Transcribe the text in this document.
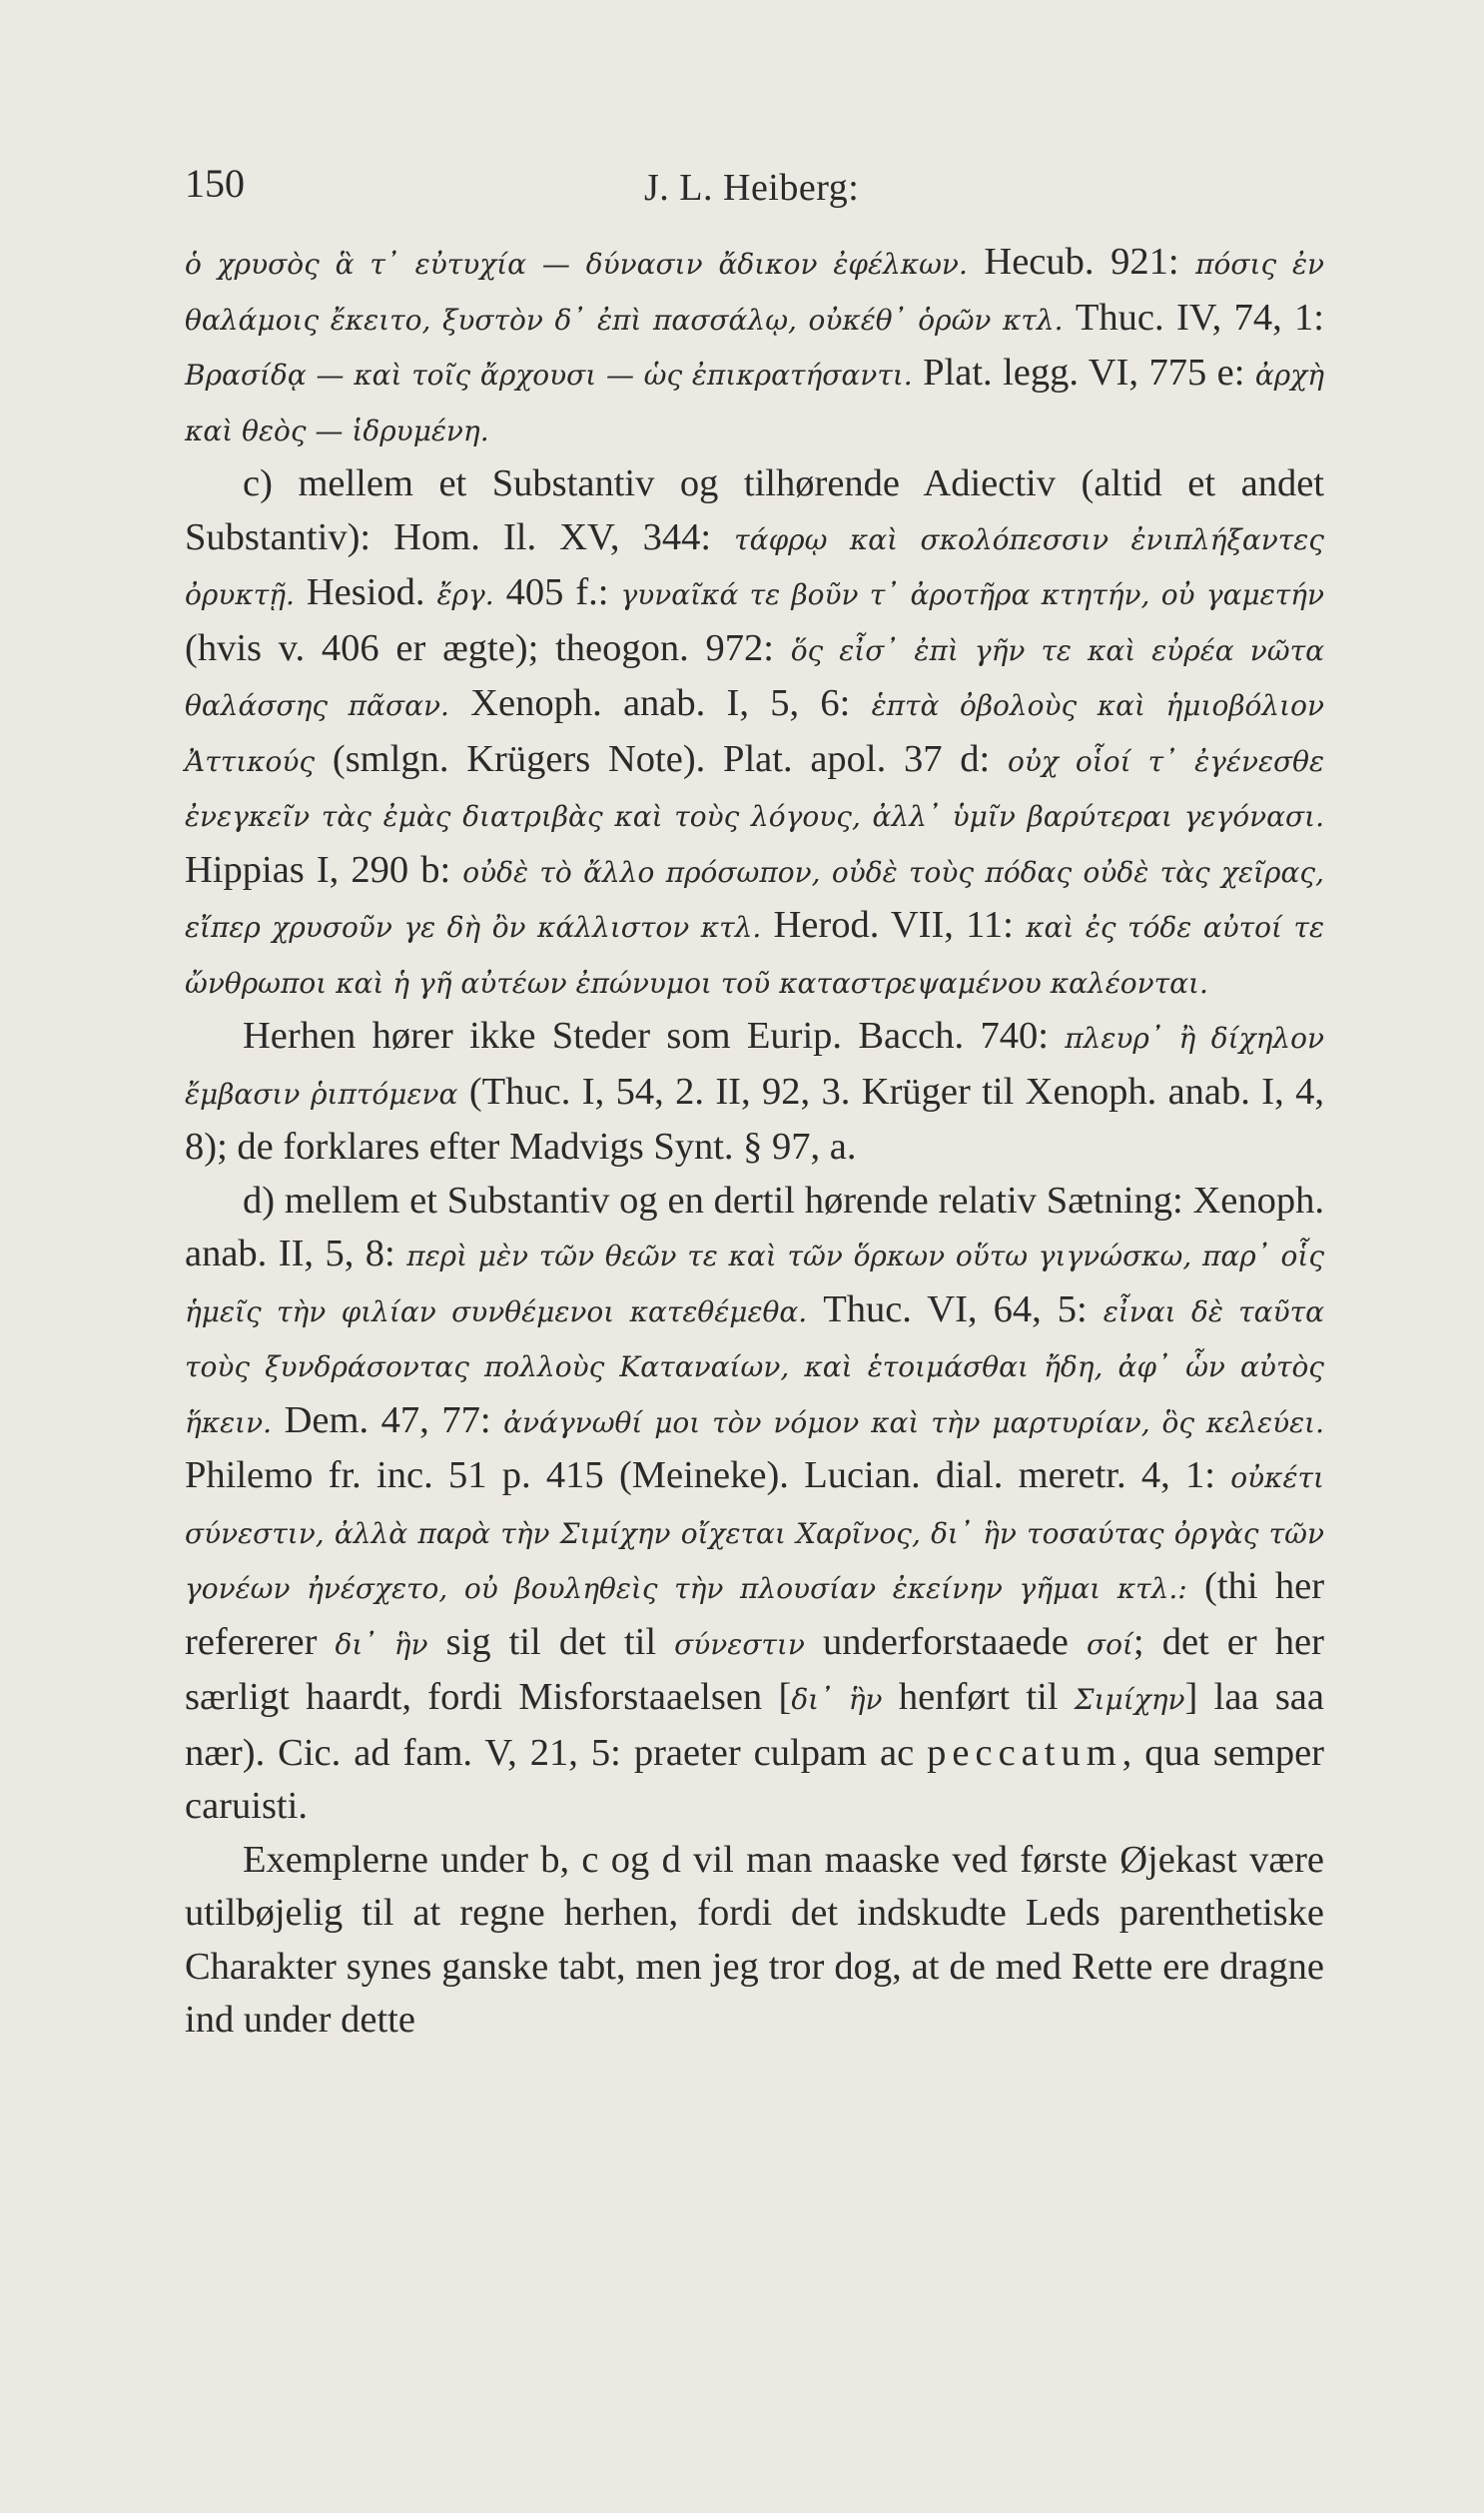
150	J. L. Heiberg:

ὁ χρυσὸς ἃ τ᾽ εὐτυχία — δύνασιν ἄδικον ἐφέλκων. Hecub. 921: πόσις ἐν θαλάμοις ἔκειτο, ξυστὸν δ᾽ ἐπὶ πασσάλῳ, οὐκέθ᾽ ὁρῶν κτλ. Thuc. IV, 74, 1: Βρασίδᾳ — καὶ τοῖς ἄρχουσι — ὡς ἐπικρατήσαντι. Plat. legg. VI, 775 e: ἀρχὴ καὶ θεὸς — ἱδρυμένη.

c) mellem et Substantiv og tilhørende Adiectiv (altid et andet Substantiv): Hom. Il. XV, 344: τάφρῳ καὶ σκολόπεσσιν ἐνιπλήξαντες ὀρυκτῇ. Hesiod. ἔργ. 405 f.: γυναῖκά τε βοῦν τ᾽ ἀροτῆρα κτητήν, οὐ γαμετήν (hvis v. 406 er ægte); theogon. 972: ὅς εἶσ᾽ ἐπὶ γῆν τε καὶ εὐρέα νῶτα θαλάσσης πᾶσαν. Xenoph. anab. I, 5, 6: ἑπτὰ ὀβολοὺς καὶ ἡμιοβόλιον Ἀττικούς (smlgn. Krügers Note). Plat. apol. 37 d: οὐχ οἷοί τ᾽ ἐγένεσθε ἐνεγκεῖν τὰς ἐμὰς διατριβὰς καὶ τοὺς λόγους, ἀλλ᾽ ὑμῖν βαρύτεραι γεγόνασι. Hippias I, 290 b: οὐδὲ τὸ ἄλλο πρόσωπον, οὐδὲ τοὺς πόδας οὐδὲ τὰς χεῖρας, εἴπερ χρυσοῦν γε δὴ ὂν κάλλιστον κτλ. Herod. VII, 11: καὶ ἐς τόδε αὐτοί τε ὤνθρωποι καὶ ἡ γῆ αὐτέων ἐπώνυμοι τοῦ καταστρεψαμένου καλέονται.

Herhen hører ikke Steder som Eurip. Bacch. 740: πλευρ᾽ ἢ δίχηλον ἔμβασιν ῥιπτόμενα (Thuc. I, 54, 2. II, 92, 3. Krüger til Xenoph. anab. I, 4, 8); de forklares efter Madvigs Synt. § 97, a.

d) mellem et Substantiv og en dertil hørende relativ Sætning: Xenoph. anab. II, 5, 8: περὶ μὲν τῶν θεῶν τε καὶ τῶν ὅρκων οὕτω γιγνώσκω, παρ᾽ οἷς ἡμεῖς τὴν φιλίαν συνθέμενοι κατεθέμεθα. Thuc. VI, 64, 5: εἶναι δὲ ταῦτα τοὺς ξυνδράσοντας πολλοὺς Καταναίων, καὶ ἑτοιμάσθαι ἤδη, ἀφ᾽ ὧν αὐτὸς ἥκειν. Dem. 47, 77: ἀνάγνωθί μοι τὸν νόμον καὶ τὴν μαρτυρίαν, ὃς κελεύει. Philemo fr. inc. 51 p. 415 (Meineke). Lucian. dial. meretr. 4, 1: οὐκέτι σύνεστιν, ἀλλὰ παρὰ τὴν Σιμίχην οἴχεται Χαρῖνος, δι᾽ ἣν τοσαύτας ὀργὰς τῶν γονέων ἠνέσχετο, οὐ βουληθεὶς τὴν πλουσίαν ἐκείνην γῆμαι κτλ.: (thi her refererer δι᾽ ἣν sig til det til σύνεστιν underforstaaede σοί; det er her særligt haardt, fordi Misforstaaelsen [δι᾽ ἣν henført til Σιμίχην] laa saa nær). Cic. ad fam. V, 21, 5: praeter culpam ac peccatum, qua semper caruisti.

Exemplerne under b, c og d vil man maaske ved første Øjekast være utilbøjelig til at regne herhen, fordi det indskudte Leds parenthetiske Charakter synes ganske tabt, men jeg tror dog, at de med Rette ere dragne ind under dette
